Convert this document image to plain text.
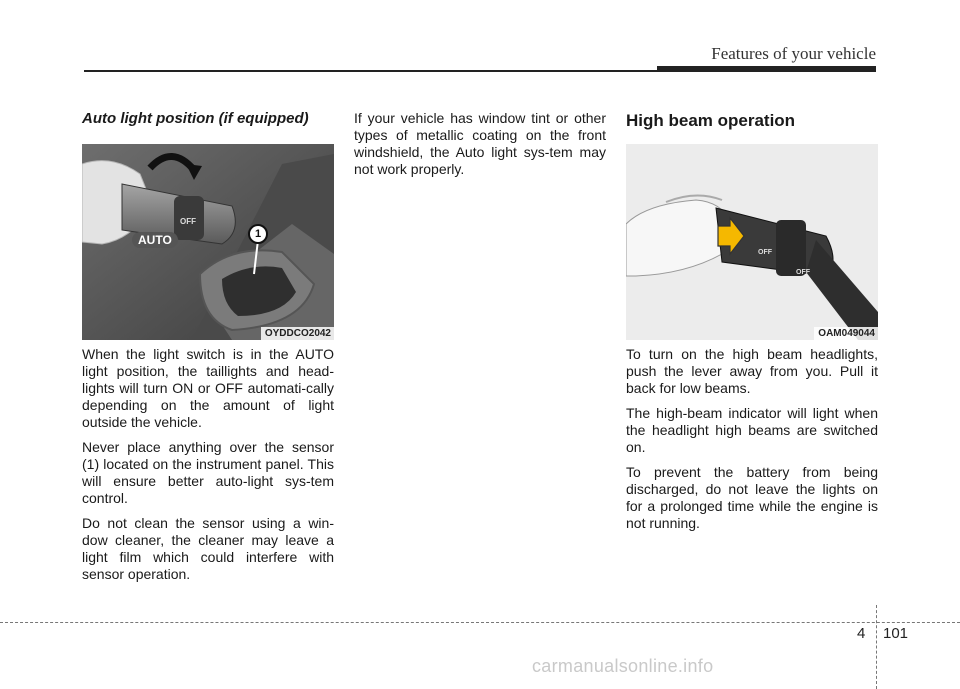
Features of your vehicle
Auto light position (if equipped)
OFF
AUTO	1
OYDDCO2042

When the light switch is in the AUTO light position, the taillights and head-lights will turn ON or OFF automati-cally depending on the amount of light outside the vehicle.

Never place anything over the sensor (1) located on the instrument panel. This will ensure better auto-light sys-tem control.

Do not clean the sensor using a win-dow cleaner, the cleaner may leave a light film which could interfere with sensor operation.

If your vehicle has window tint or other types of metallic coating on the front windshield, the Auto light sys-tem may not work properly.

High beam operation
OFF
OFF
OAM049044

To turn on the high beam headlights, push the lever away from you. Pull it back for low beams.

The high-beam indicator will light when the headlight high beams are switched on.

To prevent the battery from being discharged, do not leave the lights on for a prolonged time while the engine is not running.

4 101
carmanualsonline.info
